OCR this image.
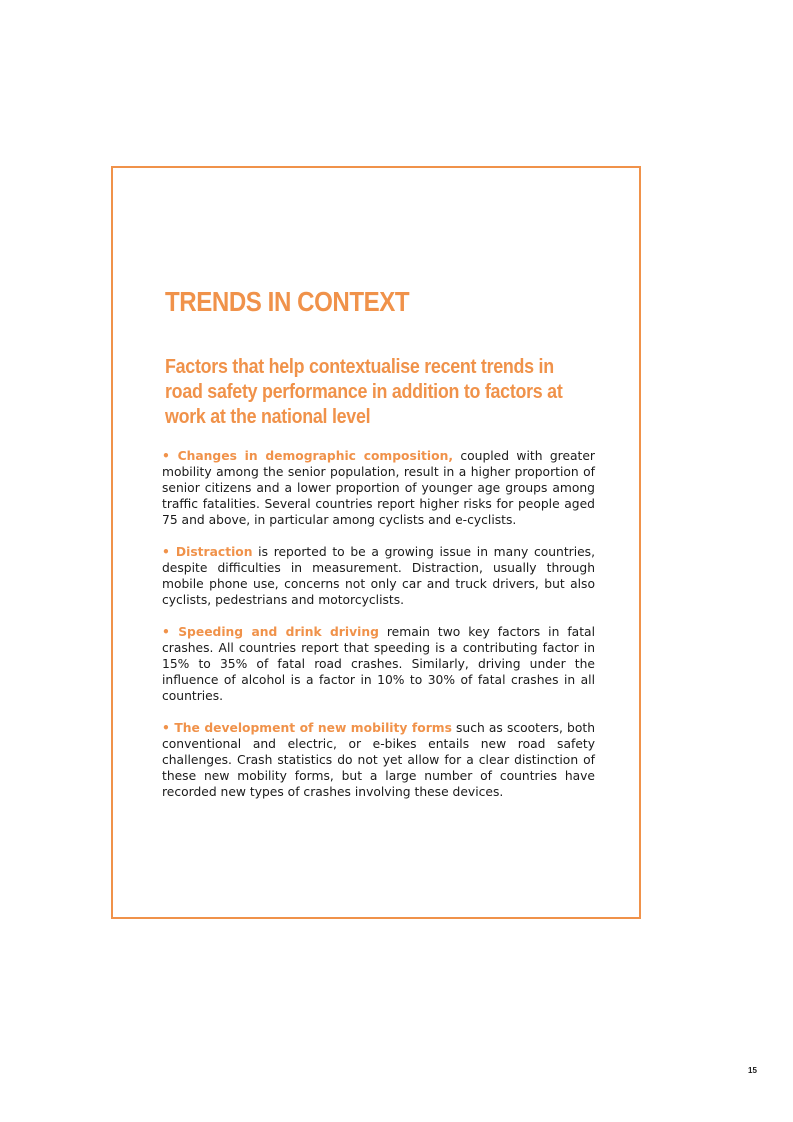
TRENDS IN CONTEXT
Factors that help contextualise recent trends in road safety performance in addition to factors at work at the national level

• Changes in demographic composition, coupled with greater mobility among the senior population, result in a higher proportion of senior citizens and a lower proportion of younger age groups among traffic fatalities. Several countries report higher risks for people aged 75 and above, in particular among cyclists and e-cyclists.

• Distraction is reported to be a growing issue in many countries, despite difficulties in measurement. Distraction, usually through mobile phone use, concerns not only car and truck drivers, but also cyclists, pedestrians and motorcyclists.

• Speeding and drink driving remain two key factors in fatal crashes. All countries report that speeding is a contributing factor in 15% to 35% of fatal road crashes. Similarly, driving under the influence of alcohol is a factor in 10% to 30% of fatal crashes in all countries.

• The development of new mobility forms such as scooters, both conventional and electric, or e-bikes entails new road safety challenges. Crash statistics do not yet allow for a clear distinction of these new mobility forms, but a large number of countries have recorded new types of crashes involving these devices.

15
